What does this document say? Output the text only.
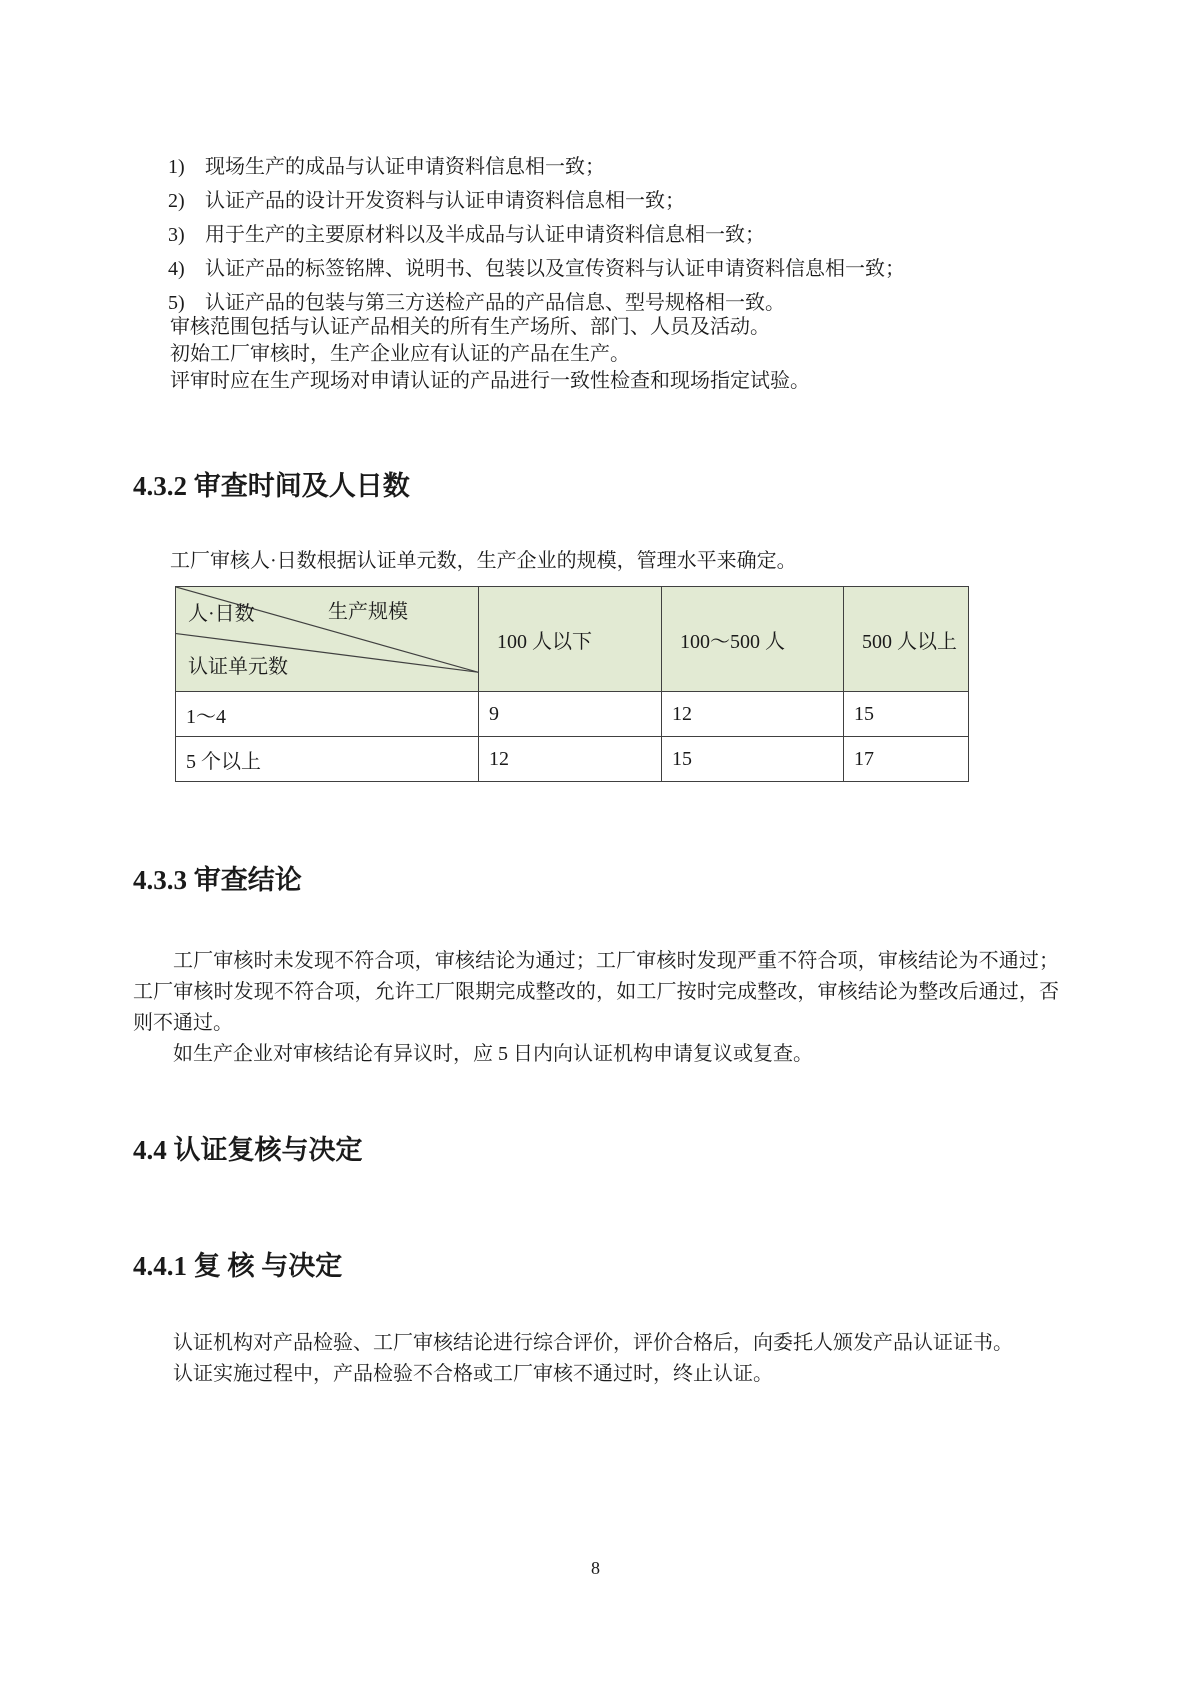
1)	现场生产的成品与认证申请资料信息相一致；
2)	认证产品的设计开发资料与认证申请资料信息相一致；
3)	用于生产的主要原材料以及半成品与认证申请资料信息相一致；
4)	认证产品的标签铭牌、说明书、包装以及宣传资料与认证申请资料信息相一致；
5)	认证产品的包装与第三方送检产品的产品信息、型号规格相一致。
审核范围包括与认证产品相关的所有生产场所、部门、人员及活动。
初始工厂审核时，生产企业应有认证的产品在生产。
评审时应在生产现场对申请认证的产品进行一致性检查和现场指定试验。
4.3.2 审查时间及人日数
工厂审核人·日数根据认证单元数，生产企业的规模，管理水平来确定。
人·日数 生产规模
认证单元数	100 人以下	100～500 人	500 人以上
1～4	9	12	15
5 个以上	12	15	17
4.3.3 审查结论

工厂审核时未发现不符合项，审核结论为通过；工厂审核时发现严重不符合项，审核结论为不通过；工厂审核时发现不符合项，允许工厂限期完成整改的，如工厂按时完成整改，审核结论为整改后通过，否则不通过。

如生产企业对审核结论有异议时，应 5 日内向认证机构申请复议或复查。

4.4 认证复核与决定
4.4.1 复 核 与决定

认证机构对产品检验、工厂审核结论进行综合评价，评价合格后，向委托人颁发产品认证证书。

认证实施过程中，产品检验不合格或工厂审核不通过时，终止认证。

8
